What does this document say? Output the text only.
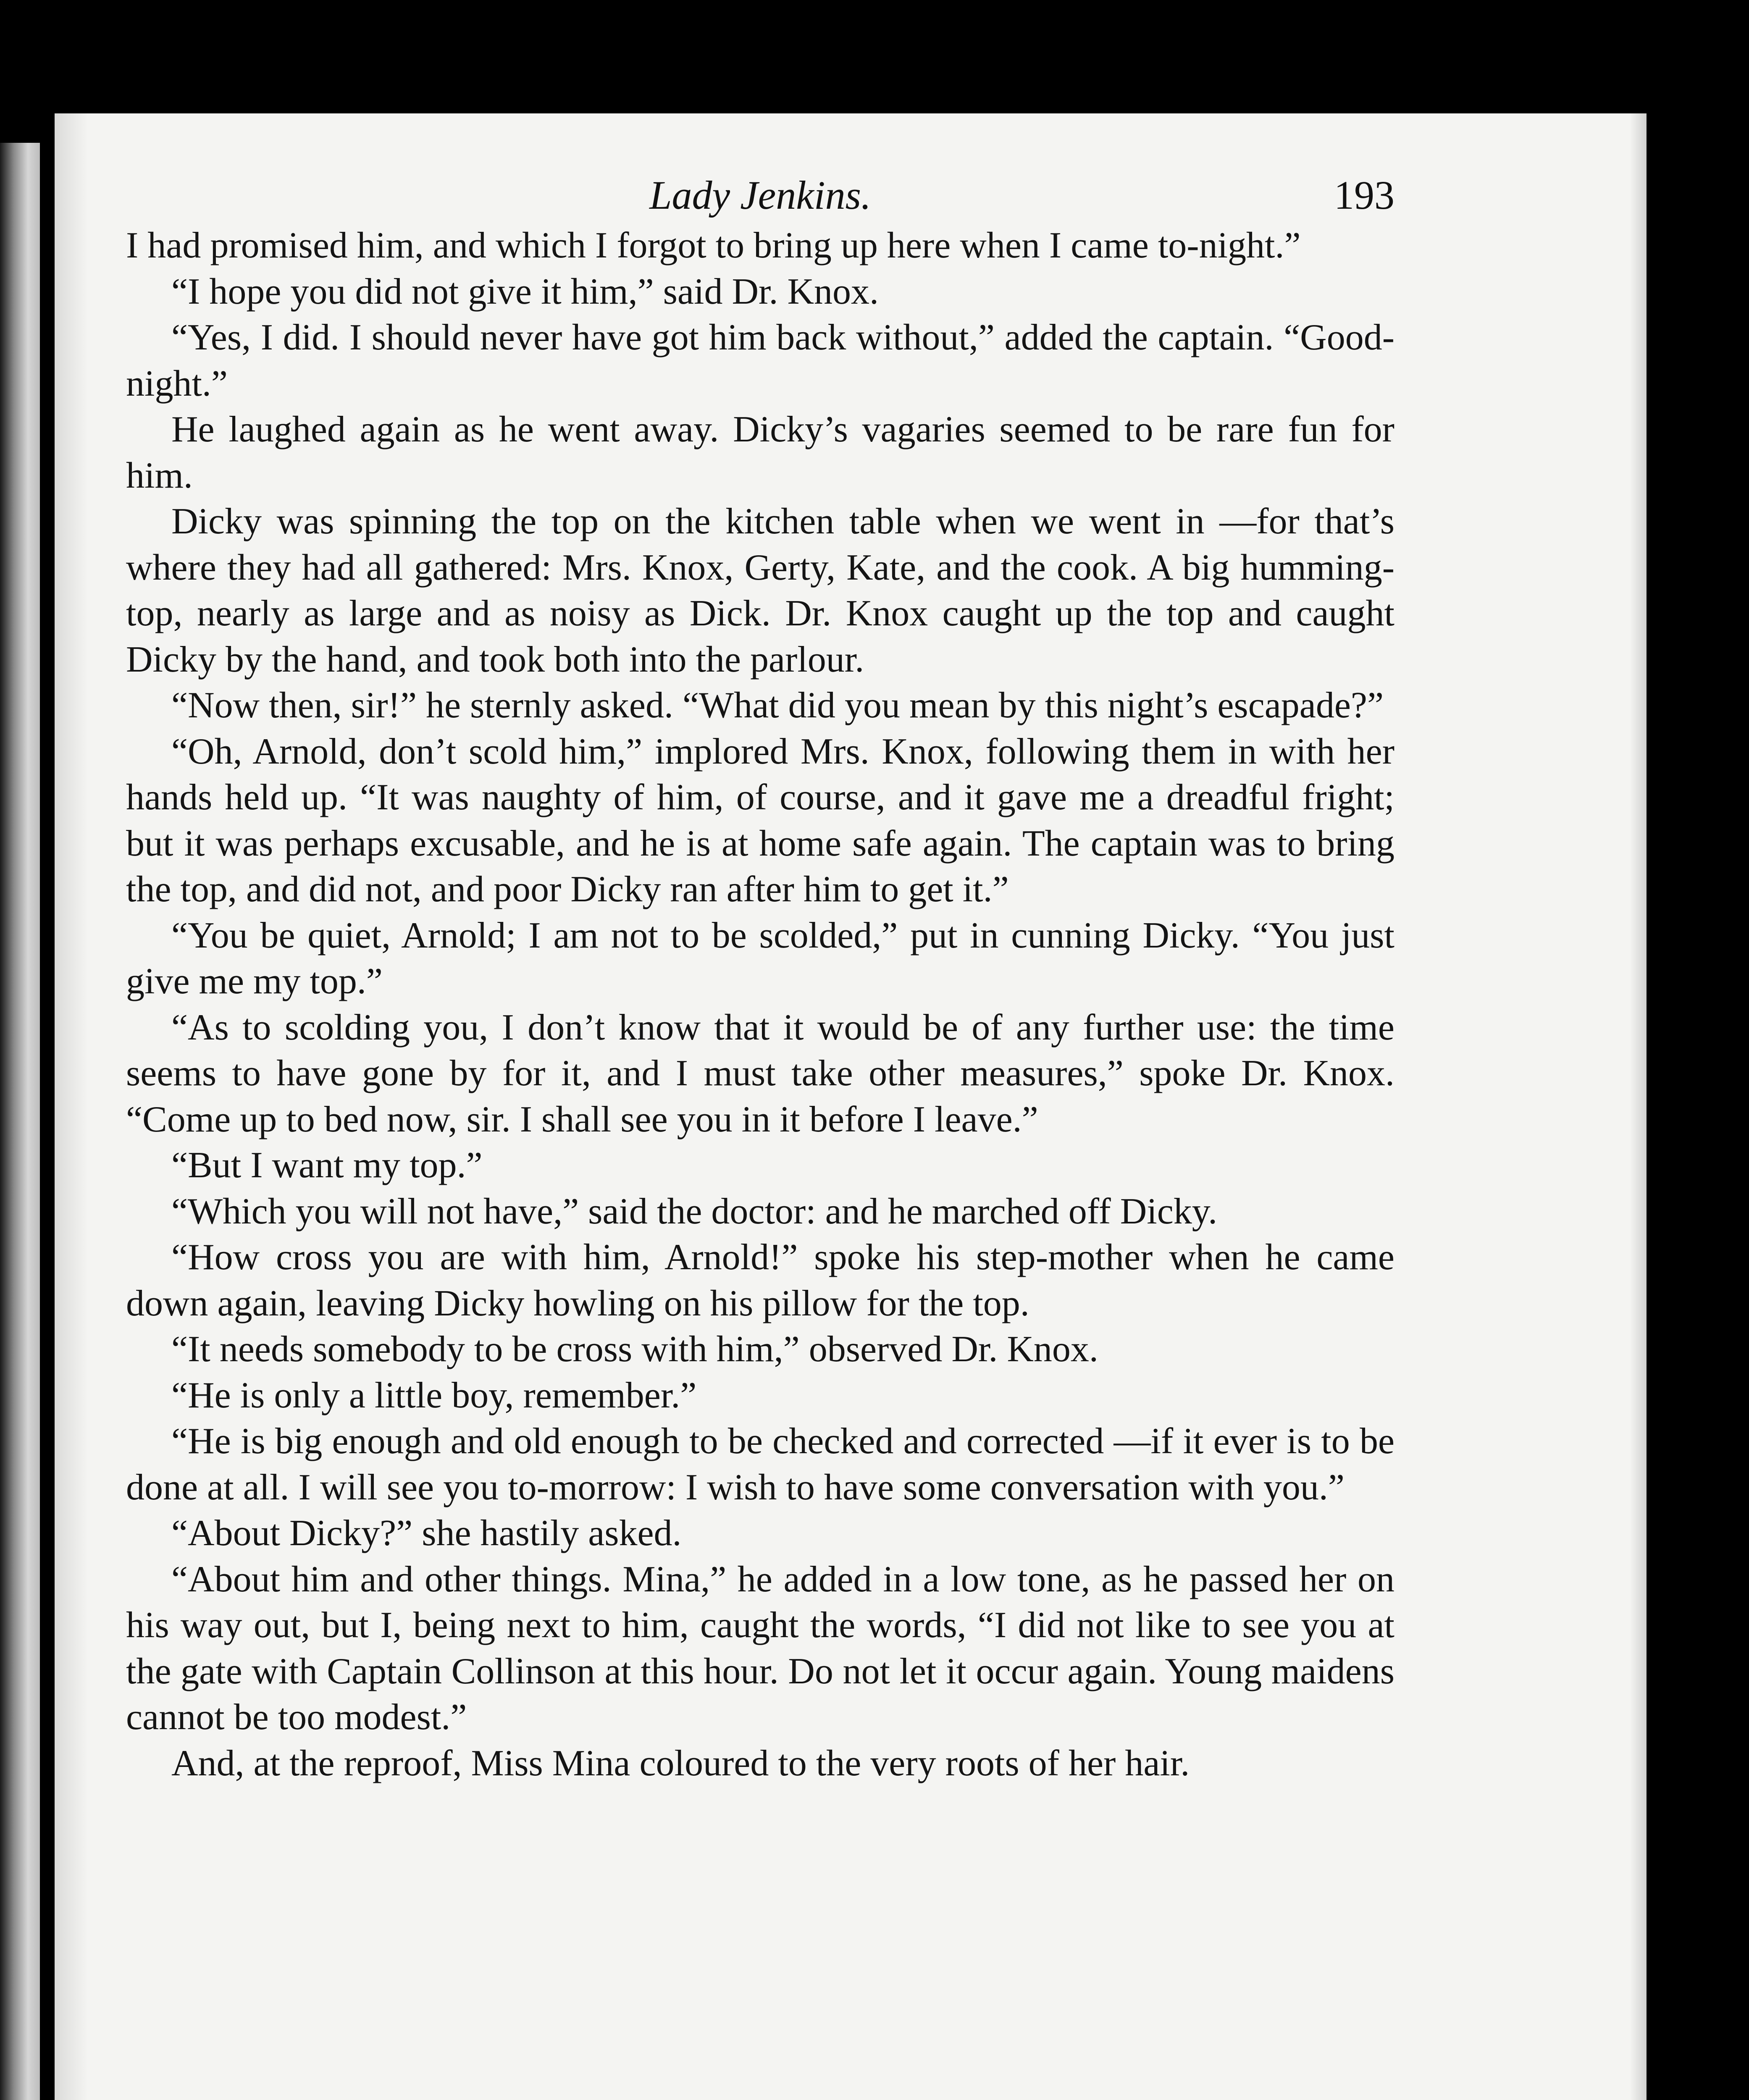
Lady Jenkins.	193

I had promised him, and which I forgot to bring up here when I came to-night.”

“I hope you did not give it him,” said Dr. Knox.

“Yes, I did. I should never have got him back without,” added the captain. “Good-night.”

He laughed again as he went away. Dicky’s vagaries seemed to be rare fun for him.

Dicky was spinning the top on the kitchen table when we went in —for that’s where they had all gathered: Mrs. Knox, Gerty, Kate, and the cook. A big humming-top, nearly as large and as noisy as Dick. Dr. Knox caught up the top and caught Dicky by the hand, and took both into the parlour.

“Now then, sir!” he sternly asked. “What did you mean by this night’s escapade?”

“Oh, Arnold, don’t scold him,” implored Mrs. Knox, following them in with her hands held up. “It was naughty of him, of course, and it gave me a dreadful fright; but it was perhaps excusable, and he is at home safe again. The captain was to bring the top, and did not, and poor Dicky ran after him to get it.”

“You be quiet, Arnold; I am not to be scolded,” put in cunning Dicky. “You just give me my top.”

“As to scolding you, I don’t know that it would be of any further use: the time seems to have gone by for it, and I must take other measures,” spoke Dr. Knox. “Come up to bed now, sir. I shall see you in it before I leave.”

“But I want my top.”

“Which you will not have,” said the doctor: and he marched off Dicky.

“How cross you are with him, Arnold!” spoke his step-mother when he came down again, leaving Dicky howling on his pillow for the top.

“It needs somebody to be cross with him,” observed Dr. Knox.

“He is only a little boy, remember.”

“He is big enough and old enough to be checked and corrected —if it ever is to be done at all. I will see you to-morrow: I wish to have some conversation with you.”

“About Dicky?” she hastily asked.

“About him and other things. Mina,” he added in a low tone, as he passed her on his way out, but I, being next to him, caught the words, “I did not like to see you at the gate with Captain Collinson at this hour. Do not let it occur again. Young maidens cannot be too modest.”

And, at the reproof, Miss Mina coloured to the very roots of her hair.
